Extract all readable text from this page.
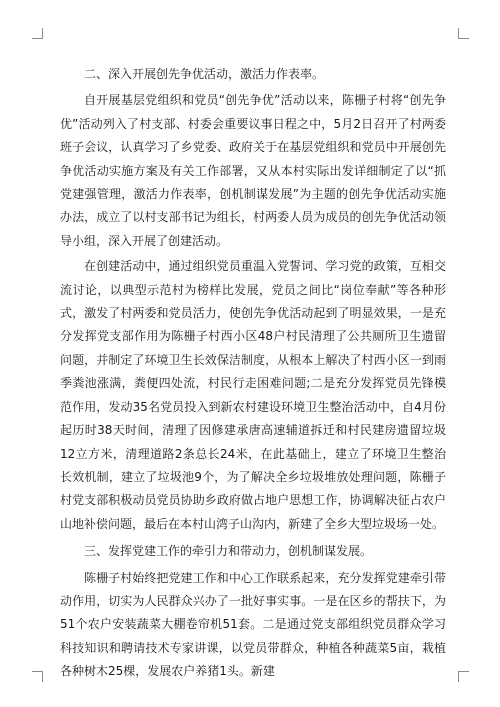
二、深入开展创先争优活动，激活力作表率。

自开展基层党组织和党员“创先争优”活动以来，陈栅子村将“创先争优”活动列入了村支部、村委会重要议事日程之中，5月2日召开了村两委班子会议，认真学习了乡党委、政府关于在基层党组织和党员中开展创先争优活动实施方案及有关工作部署，又从本村实际出发详细制定了以“抓党建强管理，激活力作表率，创机制谋发展”为主题的创先争优活动实施办法，成立了以村支部书记为组长，村两委人员为成员的创先争优活动领导小组，深入开展了创建活动。

在创建活动中，通过组织党员重温入党誓词、学习党的政策，互相交流讨论，以典型示范村为榜样比发展，党员之间比“岗位奉献”等各种形式，激发了村两委和党员活力，使创先争优活动起到了明显效果，一是充分发挥党支部作用为陈栅子村西小区48户村民清理了公共厕所卫生遗留问题，并制定了环境卫生长效保洁制度，从根本上解决了村西小区一到雨季粪池涨满，粪便四处流，村民行走困难问题;二是充分发挥党员先锋模范作用，发动35名党员投入到新农村建设环境卫生整治活动中，自4月份起历时38天时间，清理了因修建承唐高速辅道拆迁和村民建房遗留垃圾12立方米，清理道路2条总长24米，在此基础上，建立了环境卫生整治长效机制，建立了垃圾池9个，为了解决全乡垃圾堆放处理问题，陈栅子村党支部积极动员党员协助乡政府做占地户思想工作，协调解决征占农户山地补偿问题，最后在本村山湾子山沟内，新建了全乡大型垃圾场一处。

三、发挥党建工作的牵引力和带动力，创机制谋发展。

陈栅子村始终把党建工作和中心工作联系起来，充分发挥党建牵引带动作用，切实为人民群众兴办了一批好事实事。一是在区乡的帮扶下，为51个农户安装蔬菜大棚卷帘机51套。二是通过党支部组织党员群众学习科技知识和聘请技术专家讲课，以党员带群众，种植各种蔬菜5亩，栽植各种树木25棵，发展农户养猪1头。新建
